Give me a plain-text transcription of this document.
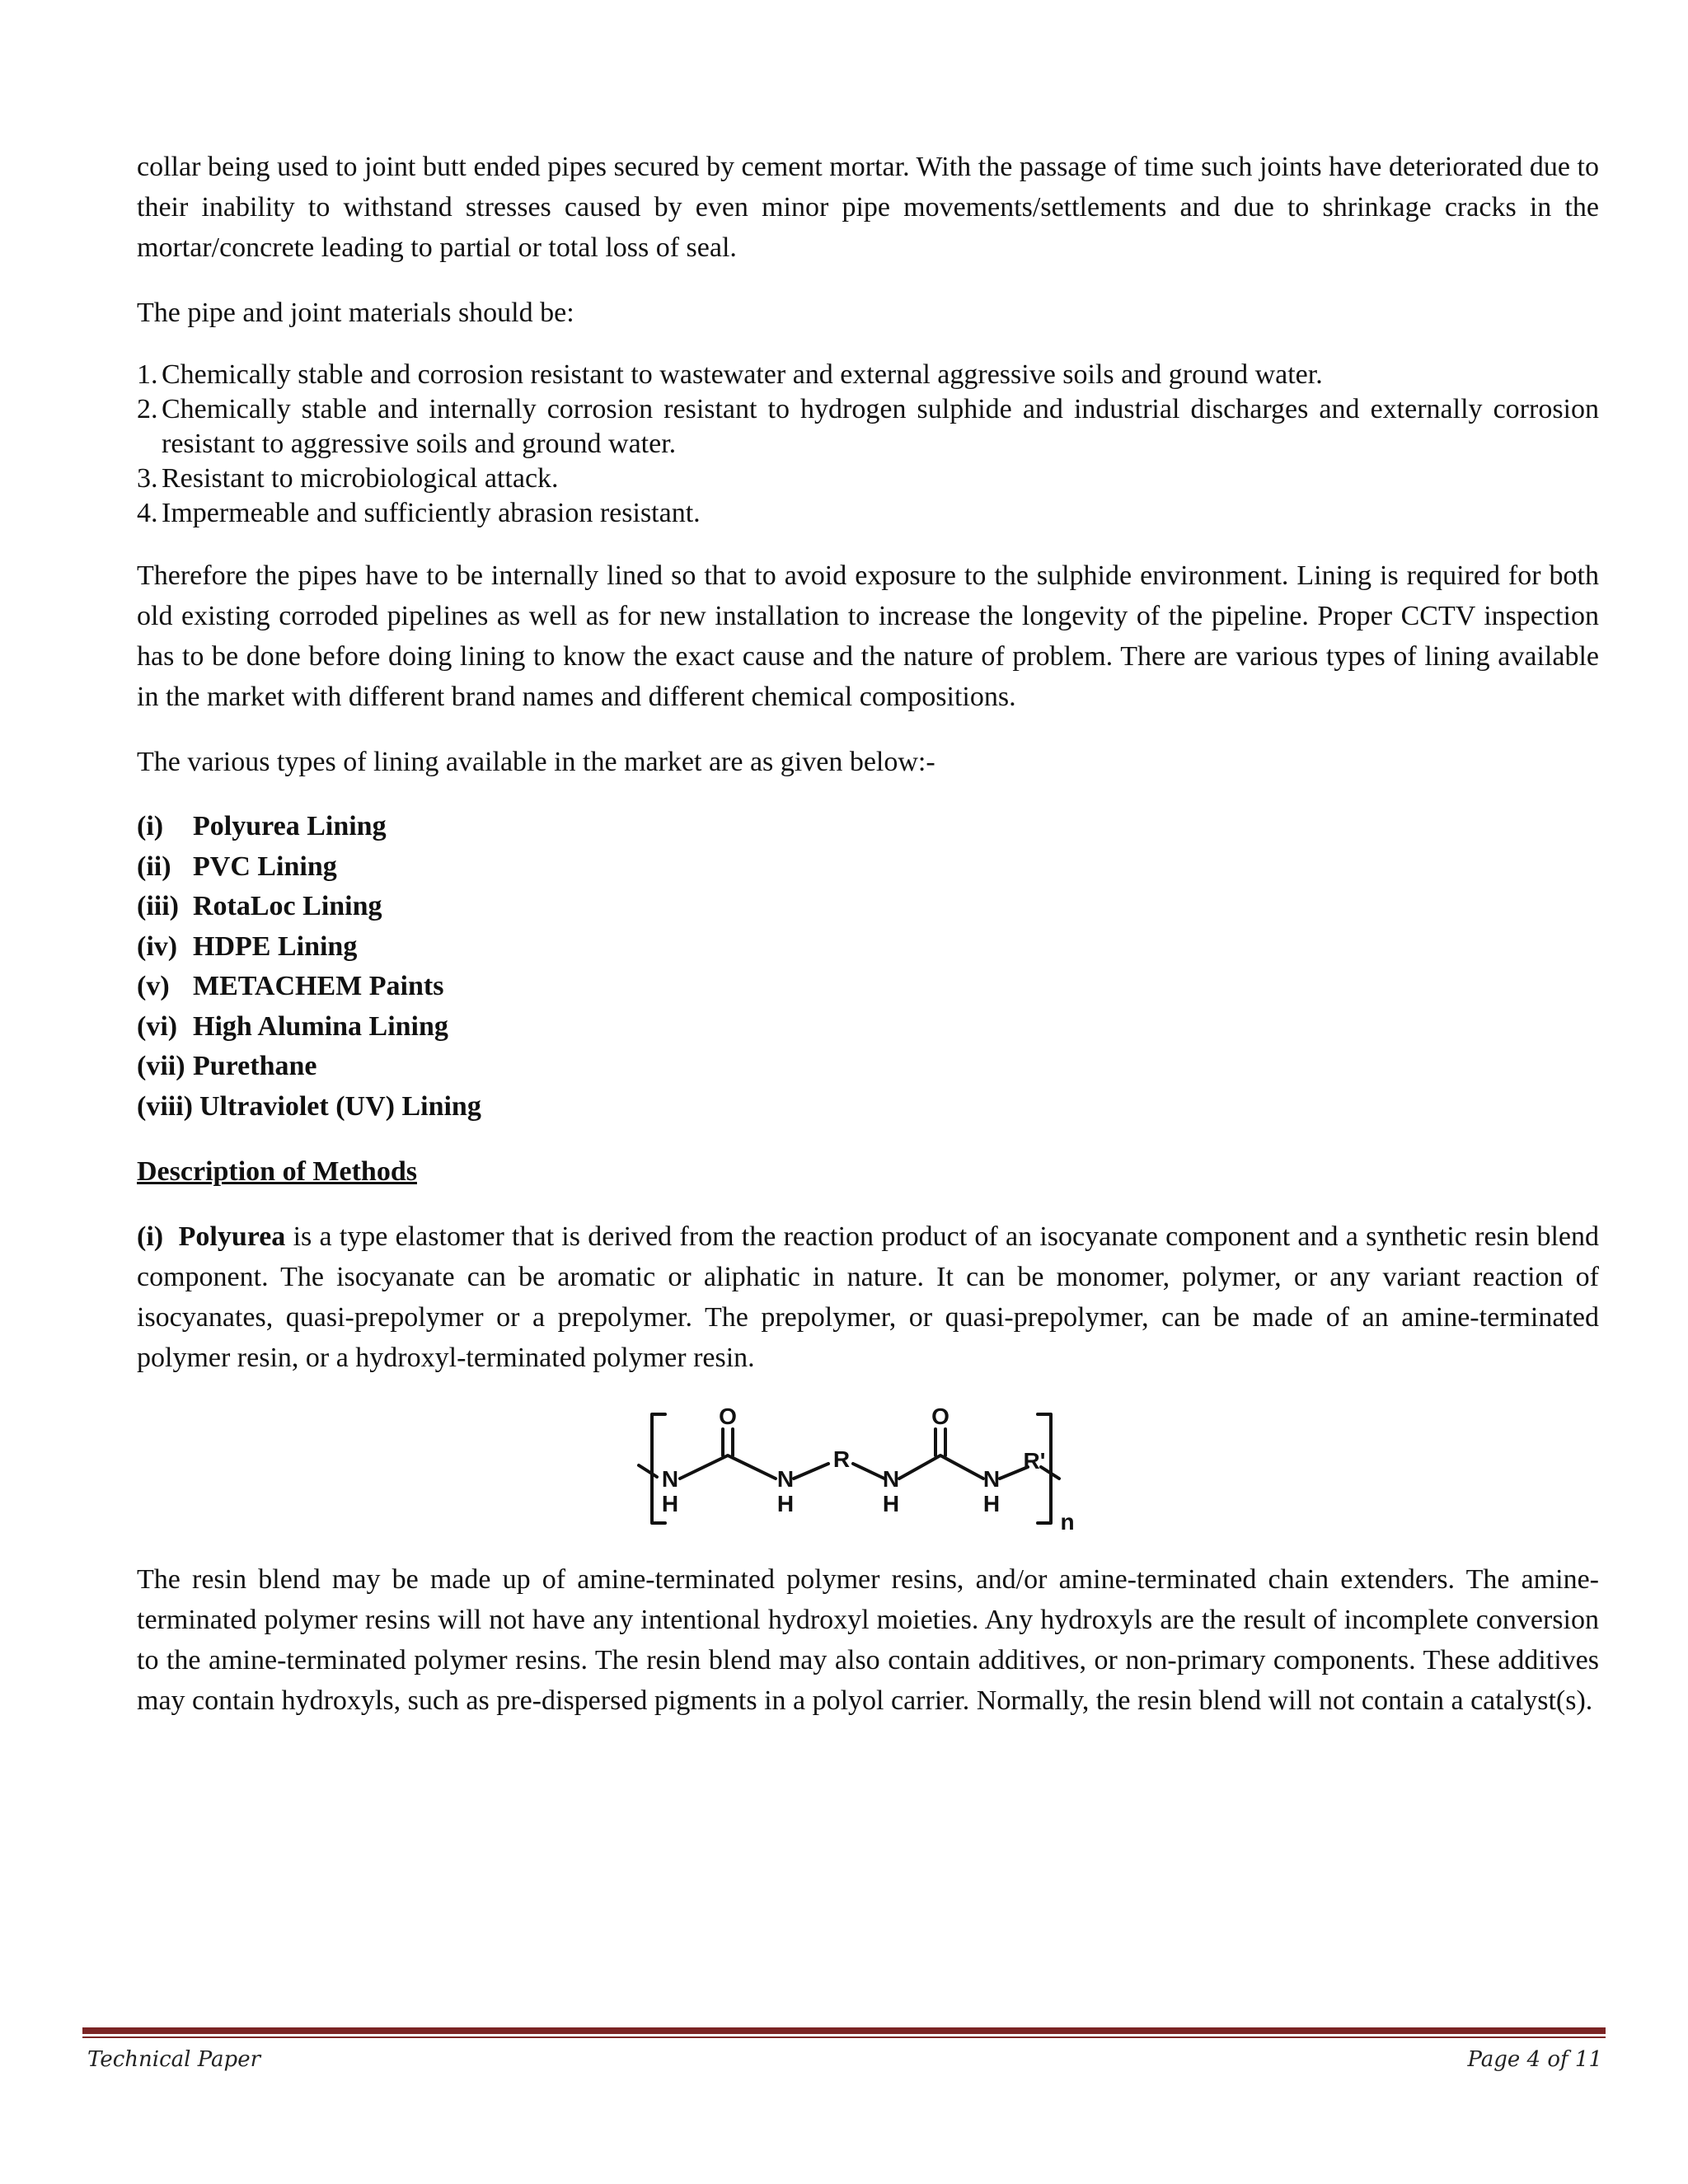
collar being used to joint butt ended pipes secured by cement mortar. With the passage of time such joints have deteriorated due to their inability to withstand stresses caused by even minor pipe movements/settlements and due to shrinkage cracks in the mortar/concrete leading to partial or total loss of seal.

The pipe and joint materials should be:

1. Chemically stable and corrosion resistant to wastewater and external aggressive soils and ground water.
2. Chemically stable and internally corrosion resistant to hydrogen sulphide and industrial discharges and externally corrosion resistant to aggressive soils and ground water.
3. Resistant to microbiological attack.
4. Impermeable and sufficiently abrasion resistant.

Therefore the pipes have to be internally lined so that to avoid exposure to the sulphide environment. Lining is required for both old existing corroded pipelines as well as for new installation to increase the longevity of the pipeline. Proper CCTV inspection has to be done before doing lining to know the exact cause and the nature of problem. There are various types of lining available in the market with different brand names and different chemical compositions.

The various types of lining available in the market are as given below:-

(i)	Polyurea Lining
(ii) PVC Lining
(iii) RotaLoc Lining
(iv) HDPE Lining
(v) METACHEM Paints
(vi) High Alumina Lining
(vii) Purethane
(viii) Ultraviolet (UV) Lining

Description of Methods

(i) Polyurea is a type elastomer that is derived from the reaction product of an isocyanate component and a synthetic resin blend component. The isocyanate can be aromatic or aliphatic in nature. It can be monomer, polymer, or any variant reaction of isocyanates, quasi-prepolymer or a prepolymer. The prepolymer, or quasi-prepolymer, can be made of an amine-terminated polymer resin, or a hydroxyl-terminated polymer resin.

O	O
N
H
N
H
R
N
H
N
H
R'
n

The resin blend may be made up of amine-terminated polymer resins, and/or amine-terminated chain extenders. The amine-terminated polymer resins will not have any intentional hydroxyl moieties. Any hydroxyls are the result of incomplete conversion to the amine-terminated polymer resins. The resin blend may also contain additives, or non-primary components. These additives may contain hydroxyls, such as pre-dispersed pigments in a polyol carrier. Normally, the resin blend will not contain a catalyst(s).

Technical Paper	Page 4 of 11
